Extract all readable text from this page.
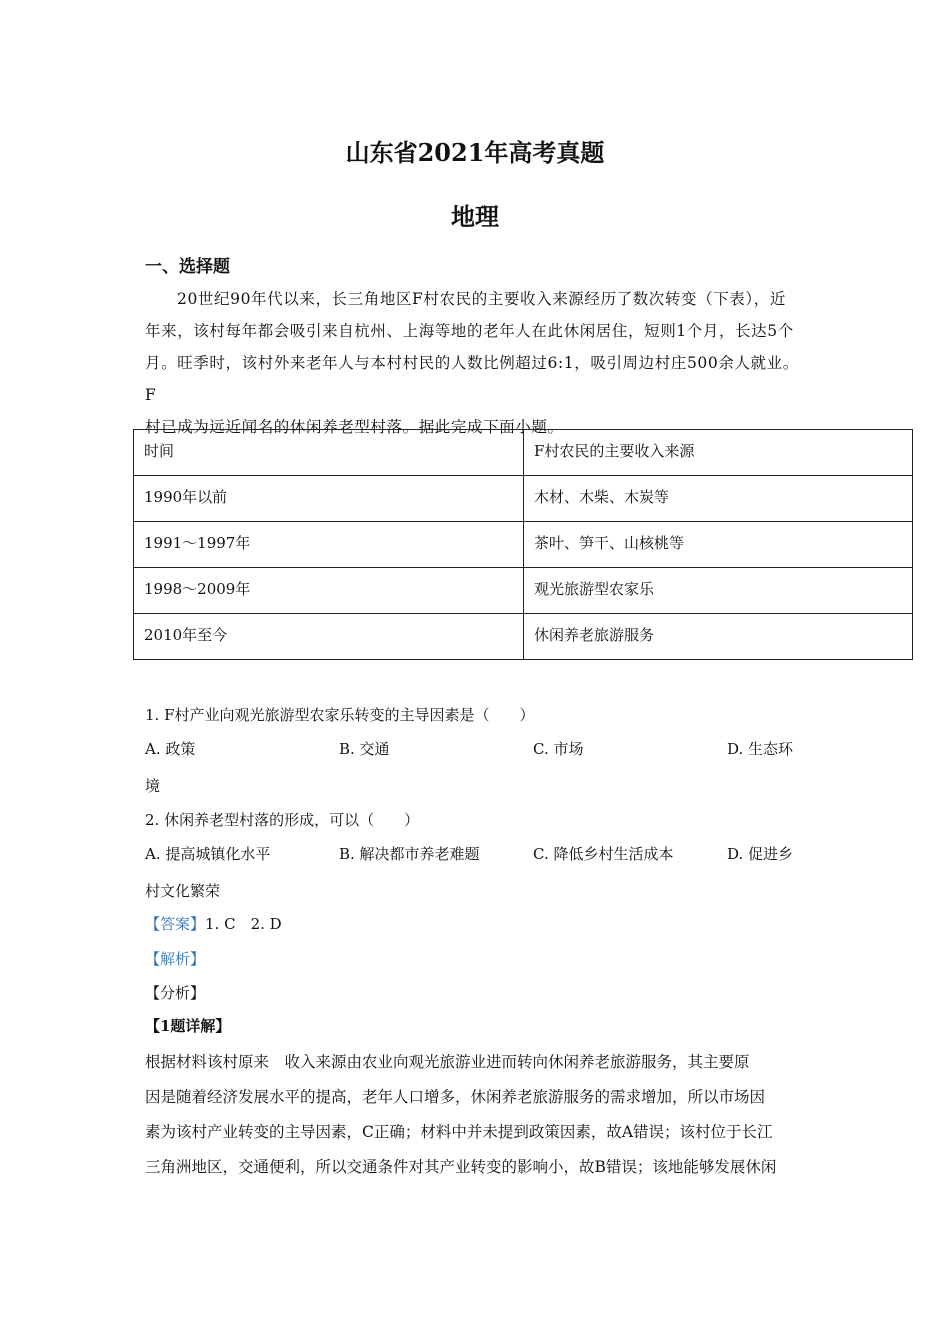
山东省2021年高考真题
地理
一、选择题
20世纪90年代以来，长三角地区F村农民的主要收入来源经历了数次转变（下表），近
年来，该村每年都会吸引来自杭州、上海等地的老年人在此休闲居住，短则1个月，长达5个
月。旺季时，该村外来老年人与本村村民的人数比例超过6:1，吸引周边村庄500余人就业。F
村已成为远近闻名的休闲养老型村落。据此完成下面小题。
时间	F村农民的主要收入来源
1990年以前	木材、木柴、木炭等
1991～1997年	茶叶、笋干、山核桃等
1998～2009年	观光旅游型农家乐
2010年至今	休闲养老旅游服务
1. F村产业向观光旅游型农家乐转变的主导因素是（　　）
A. 政策	B. 交通	C. 市场	D. 生态环
境
2. 休闲养老型村落的形成，可以（　　）
A. 提高城镇化水平	B. 解决都市养老难题	C. 降低乡村生活成本	D. 促进乡
村文化繁荣
【答案】1. C　2. D
【解析】
【分析】
【1题详解】
根据材料该村原来　收入来源由农业向观光旅游业进而转向休闲养老旅游服务，其主要原
因是随着经济发展水平的提高，老年人口增多，休闲养老旅游服务的需求增加，所以市场因
素为该村产业转变的主导因素，C正确；材料中并未提到政策因素，故A错误；该村位于长江
三角洲地区，交通便利，所以交通条件对其产业转变的影响小，故B错误；该地能够发展休闲
